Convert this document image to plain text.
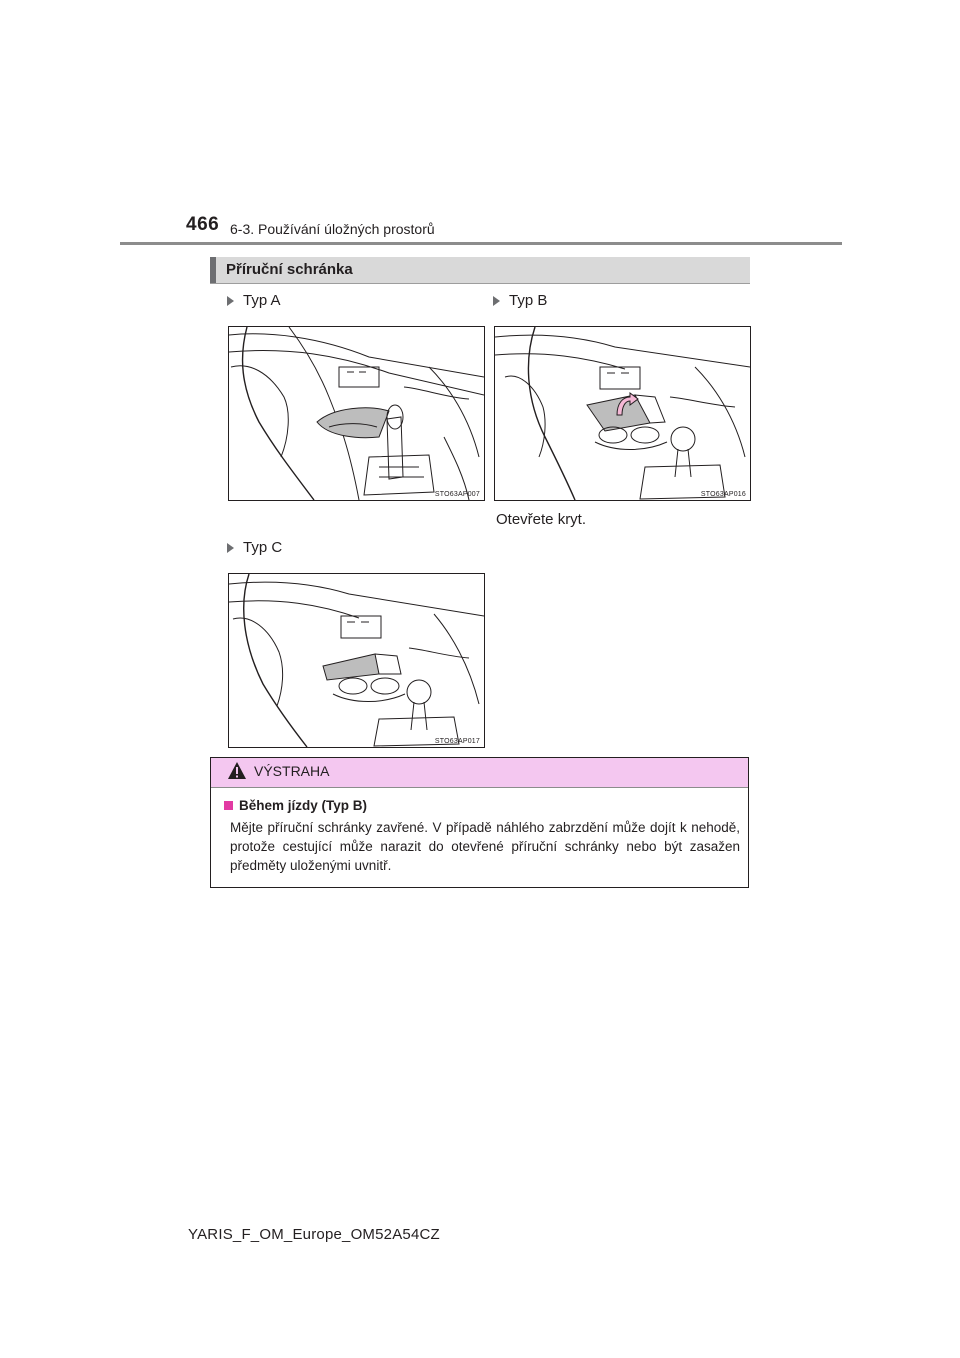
466 6-3. Používání úložných prostorů
Příruční schránka
Typ A
STO63AP007
Typ B
STO63AP016
Otevřete kryt.
Typ C
STO63AP017
VÝSTRAHA
Během jízdy (Typ B)
Mějte příruční schránky zavřené. V případě náhlého zabrzdění může dojít k nehodě, protože cestující může narazit do otevřené příruční schránky nebo být zasažen předměty uloženými uvnitř.
YARIS_F_OM_Europe_OM52A54CZ
